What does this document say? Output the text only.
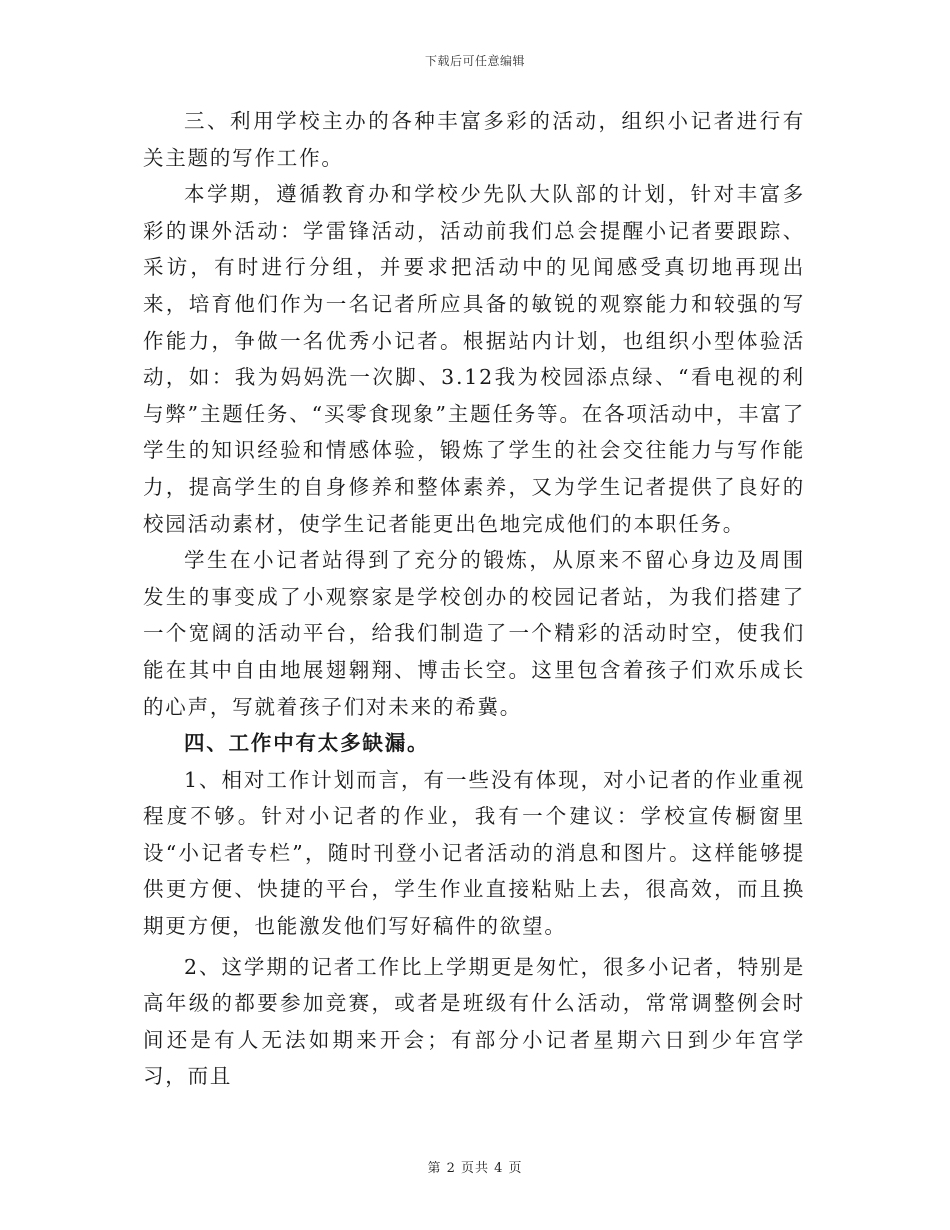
下载后可任意编辑

三、利用学校主办的各种丰富多彩的活动，组织小记者进行有关主题的写作工作。

本学期，遵循教育办和学校少先队大队部的计划，针对丰富多彩的课外活动：学雷锋活动，活动前我们总会提醒小记者要跟踪、采访，有时进行分组，并要求把活动中的见闻感受真切地再现出来，培育他们作为一名记者所应具备的敏锐的观察能力和较强的写作能力，争做一名优秀小记者。根据站内计划，也组织小型体验活动，如：我为妈妈洗一次脚、3.12我为校园添点绿、“看电视的利与弊”主题任务、“买零食现象”主题任务等。在各项活动中，丰富了学生的知识经验和情感体验，锻炼了学生的社会交往能力与写作能力，提高学生的自身修养和整体素养，又为学生记者提供了良好的校园活动素材，使学生记者能更出色地完成他们的本职任务。

学生在小记者站得到了充分的锻炼，从原来不留心身边及周围发生的事变成了小观察家是学校创办的校园记者站，为我们搭建了一个宽阔的活动平台，给我们制造了一个精彩的活动时空，使我们能在其中自由地展翅翱翔、博击长空。这里包含着孩子们欢乐成长的心声，写就着孩子们对未来的希冀。

四、工作中有太多缺漏。

1、相对工作计划而言，有一些没有体现，对小记者的作业重视程度不够。针对小记者的作业，我有一个建议：学校宣传橱窗里设“小记者专栏”，随时刊登小记者活动的消息和图片。这样能够提供更方便、快捷的平台，学生作业直接粘贴上去，很高效，而且换期更方便，也能激发他们写好稿件的欲望。

2、这学期的记者工作比上学期更是匆忙，很多小记者，特别是高年级的都要参加竞赛，或者是班级有什么活动，常常调整例会时间还是有人无法如期来开会；有部分小记者星期六日到少年宫学习，而且

第 2 页共 4 页
